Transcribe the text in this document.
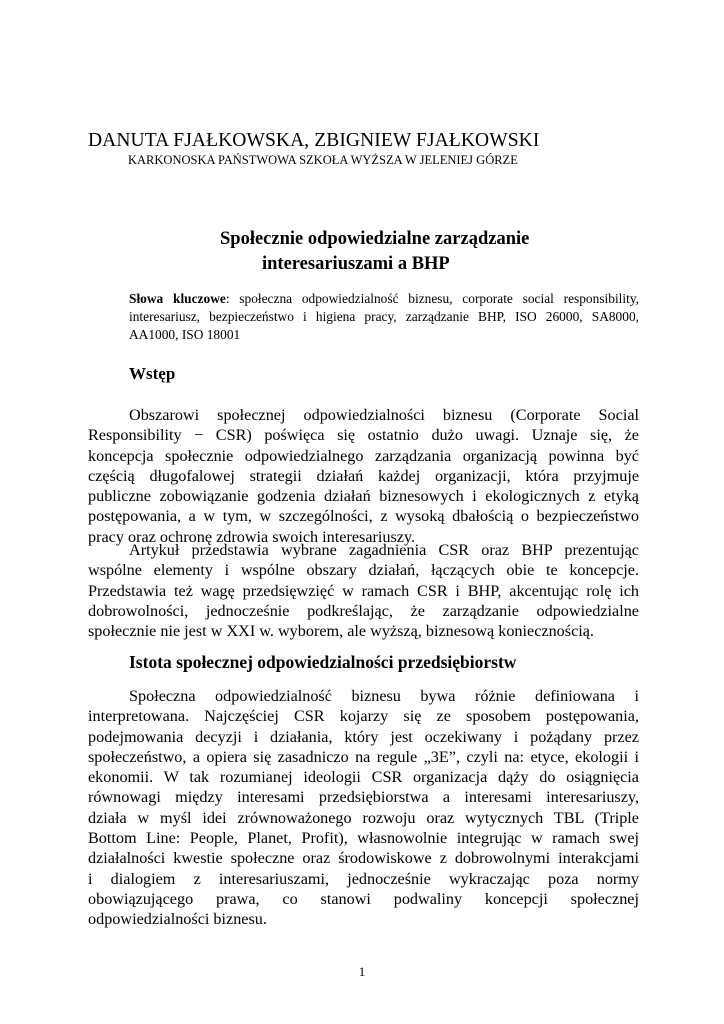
DANUTA FJAŁKOWSKA, ZBIGNIEW FJAŁKOWSKI
KARKONOSKA PAŃSTWOWA SZKOŁA WYŻSZA W JELENIEJ GÓRZE
Społecznie odpowiedzialne zarządzanie
interesariuszami a BHP
Słowa kluczowe: społeczna odpowiedzialność biznesu, corporate social responsibility, interesariusz, bezpieczeństwo i higiena pracy, zarządzanie BHP, ISO 26000, SA8000, AA1000, ISO 18001
Wstęp
Obszarowi społecznej odpowiedzialności biznesu (Corporate Social
Responsibility − CSR) poświęca się ostatnio dużo uwagi. Uznaje się, że
koncepcja społecznie odpowiedzialnego zarządzania organizacją powinna być
częścią długofalowej strategii działań każdej organizacji, która przyjmuje
publiczne zobowiązanie godzenia działań biznesowych i ekologicznych z etyką
postępowania, a w tym, w szczególności, z wysoką dbałością o bezpieczeństwo
pracy oraz ochronę zdrowia swoich interesariuszy.
Artykuł przedstawia wybrane zagadnienia CSR oraz BHP prezentując
wspólne elementy i wspólne obszary działań, łączących obie te koncepcje.
Przedstawia też wagę przedsięwzięć w ramach CSR i BHP, akcentując rolę ich
dobrowolności, jednocześnie podkreślając, że zarządzanie odpowiedzialne
społecznie nie jest w XXI w. wyborem, ale wyższą, biznesową koniecznością.
Istota społecznej odpowiedzialności przedsiębiorstw
Społeczna odpowiedzialność biznesu bywa różnie definiowana i
interpretowana. Najczęściej CSR kojarzy się ze sposobem postępowania,
podejmowania decyzji i działania, który jest oczekiwany i pożądany przez
społeczeństwo, a opiera się zasadniczo na regule „3E”, czyli na: etyce, ekologii i
ekonomii. W tak rozumianej ideologii CSR organizacja dąży do osiągnięcia
równowagi między interesami przedsiębiorstwa a interesami interesariuszy,
działa w myśl idei zrównoważonego rozwoju oraz wytycznych TBL (Triple
Bottom Line: People, Planet, Profit), własnowolnie integrując w ramach swej
działalności kwestie społeczne oraz środowiskowe z dobrowolnymi interakcjami
i dialogiem z interesariuszami, jednocześnie wykraczając poza normy
obowiązującego prawa, co stanowi podwaliny koncepcji społecznej
odpowiedzialności biznesu.
1
